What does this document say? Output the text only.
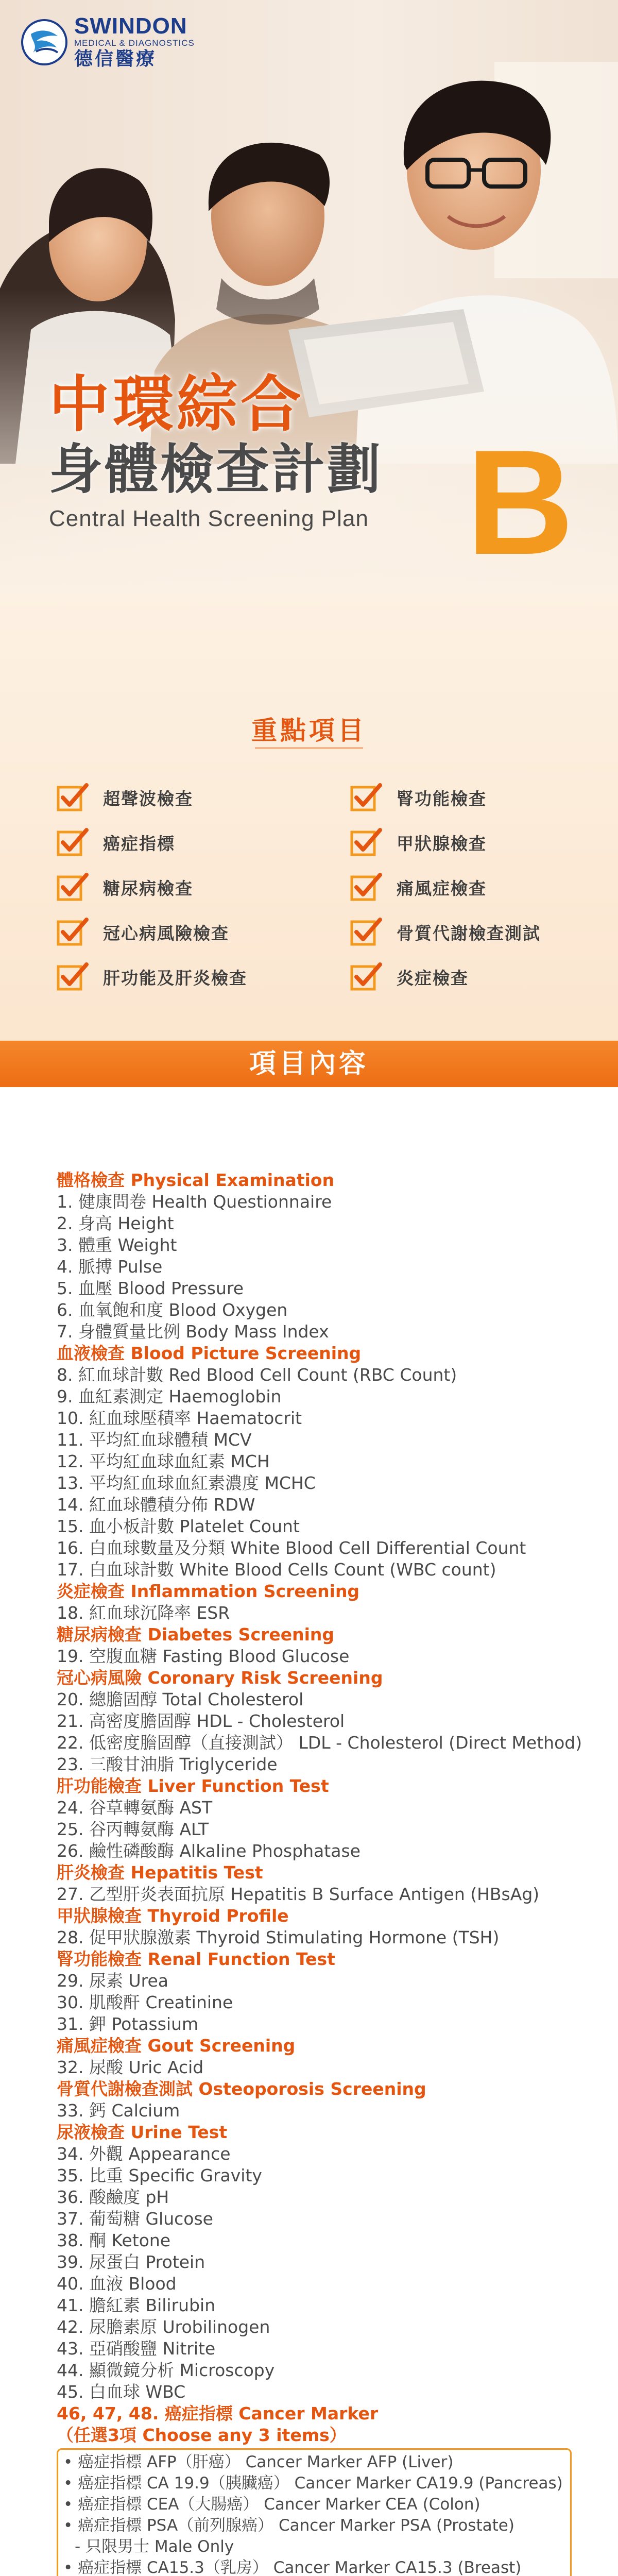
SWINDON
MEDICAL & DIAGNOSTICS
德信醫療
中環綜合
身體檢查計劃
Central Health Screening Plan B
重點項目
超聲波檢查	腎功能檢查
癌症指標	甲狀腺檢查
糖尿病檢查	痛風症檢查
冠心病風險檢查	骨質代謝檢查測試
肝功能及肝炎檢查	炎症檢查
項目內容
體格檢查 Physical Examination
1. 健康問卷 Health Questionnaire
2. 身高 Height
3. 體重 Weight
4. 脈搏 Pulse
5. 血壓 Blood Pressure
6. 血氧飽和度 Blood Oxygen
7. 身體質量比例 Body Mass Index
血液檢查 Blood Picture Screening
8. 紅血球計數 Red Blood Cell Count (RBC Count)
9. 血紅素測定 Haemoglobin
10. 紅血球壓積率 Haematocrit
11. 平均紅血球體積 MCV
12. 平均紅血球血紅素 MCH
13. 平均紅血球血紅素濃度 MCHC
14. 紅血球體積分佈 RDW
15. 血小板計數 Platelet Count
16. 白血球數量及分類 White Blood Cell Differential Count
17. 白血球計數 White Blood Cells Count (WBC count)
炎症檢查 Inflammation Screening
18. 紅血球沉降率 ESR
糖尿病檢查 Diabetes Screening
19. 空腹血糖 Fasting Blood Glucose
冠心病風險 Coronary Risk Screening
20. 總膽固醇 Total Cholesterol
21. 高密度膽固醇 HDL - Cholesterol
22. 低密度膽固醇（直接測試） LDL - Cholesterol (Direct Method)
23. 三酸甘油脂 Triglyceride
肝功能檢查 Liver Function Test
24. 谷草轉氨酶 AST
25. 谷丙轉氨酶 ALT
26. 鹼性磷酸酶 Alkaline Phosphatase
肝炎檢查 Hepatitis Test
27. 乙型肝炎表面抗原 Hepatitis B Surface Antigen (HBsAg)
甲狀腺檢查 Thyroid Profile
28. 促甲狀腺激素 Thyroid Stimulating Hormone (TSH)
腎功能檢查 Renal Function Test
29. 尿素 Urea
30. 肌酸酐 Creatinine
31. 鉀 Potassium
痛風症檢查 Gout Screening
32. 尿酸 Uric Acid
骨質代謝檢查測試 Osteoporosis Screening
33. 鈣 Calcium
尿液檢查 Urine Test
34. 外觀 Appearance
35. 比重 Specific Gravity
36. 酸鹼度 pH
37. 葡萄糖 Glucose
38. 酮 Ketone
39. 尿蛋白 Protein
40. 血液 Blood
41. 膽紅素 Bilirubin
42. 尿膽素原 Urobilinogen
43. 亞硝酸鹽 Nitrite
44. 顯微鏡分析 Microscopy
45. 白血球 WBC
46, 47, 48. 癌症指標 Cancer Marker
（任選3項 Choose any 3 items）
• 癌症指標 AFP（肝癌） Cancer Marker AFP (Liver)
• 癌症指標 CA 19.9（胰臟癌） Cancer Marker CA19.9 (Pancreas)
• 癌症指標 CEA（大腸癌） Cancer Marker CEA (Colon)
• 癌症指標 PSA（前列腺癌） Cancer Marker PSA (Prostate)
- 只限男士 Male Only
• 癌症指標 CA15.3（乳房） Cancer Marker CA15.3 (Breast)
